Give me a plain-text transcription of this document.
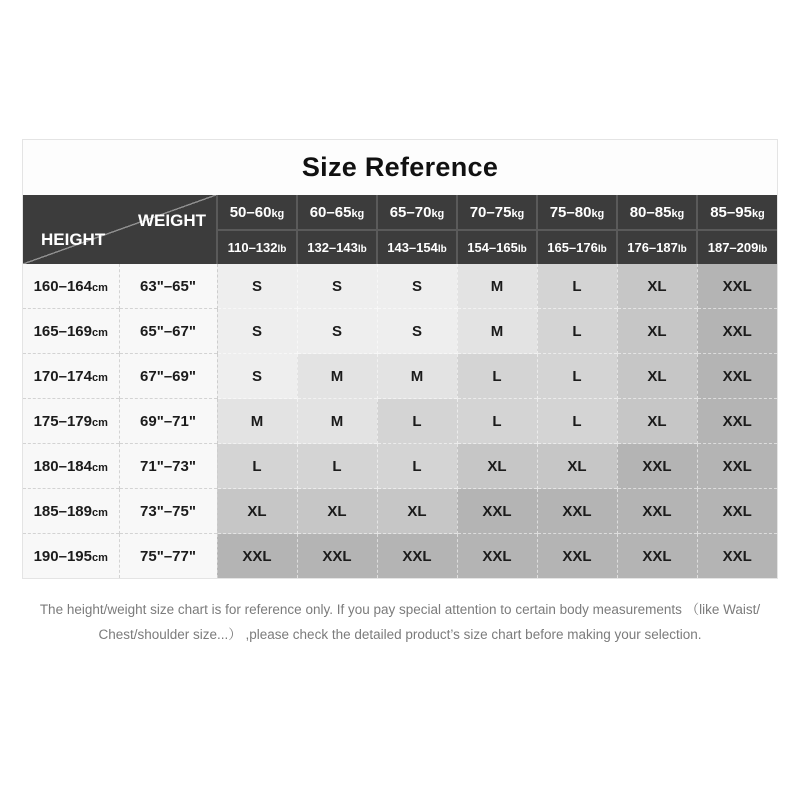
Size Reference
WEIGHT
HEIGHT		50–60kg	60–65kg	65–70kg	70–75kg	75–80kg	80–85kg	85–95kg
		110–132lb	132–143lb	143–154lb	154–165lb	165–176lb	176–187lb	187–209lb
160–164cm	63"–65"	S	S	S	M	L	XL	XXL
165–169cm	65"–67"	S	S	S	M	L	XL	XXL
170–174cm	67"–69"	S	M	M	L	L	XL	XXL
175–179cm	69"–71"	M	M	L	L	L	XL	XXL
180–184cm	71"–73"	L	L	L	XL	XL	XXL	XXL
185–189cm	73"–75"	XL	XL	XL	XXL	XXL	XXL	XXL
190–195cm	75"–77"	XXL	XXL	XXL	XXL	XXL	XXL	XXL
The height/weight size chart is for reference only. If you pay special attention to certain body measurements （like Waist/
Chest/shoulder size...） ,please check the detailed product’s size chart before making your selection.
